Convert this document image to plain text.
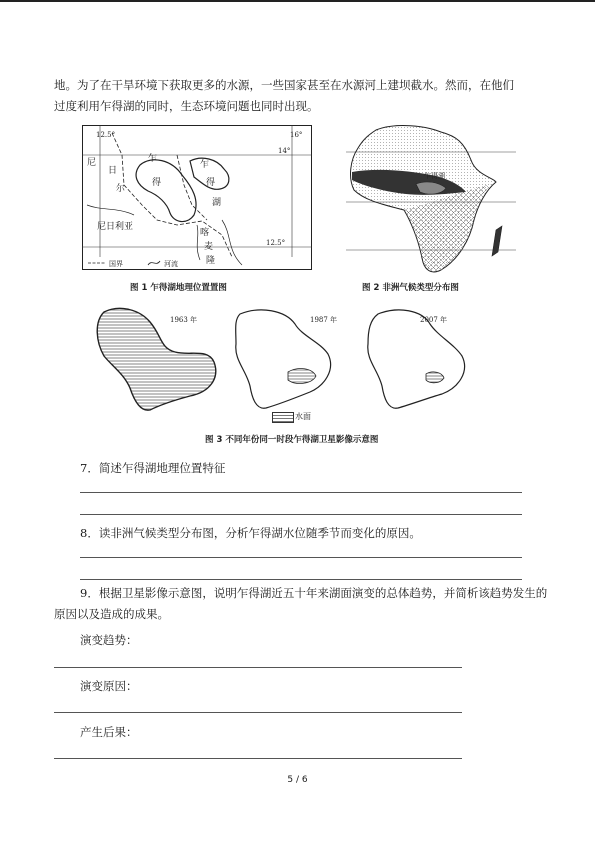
地。为了在干旱环境下获取更多的水源，一些国家甚至在水源河上建坝截水。然而，在他们

过度利用乍得湖的同时，生态环境问题也同时出现。

12.5°	16°
14°
12.5°
尼
日
尔
乍
乍
得
湖
得
尼日利亚
喀
麦
隆
国界	河流
图 1 乍得湖地理位置置图
乍得湖
图 2 非洲气候类型分布图
1963 年	1987 年	2007 年
水面
图 3 不同年份同一时段乍得湖卫星影像示意图

7．简述乍得湖地理位置特征

8．读非洲气候类型分布图，分析乍得湖水位随季节而变化的原因。

9．根据卫星影像示意图，说明乍得湖近五十年来湖面演变的总体趋势，并简析该趋势发生的原因以及造成的成果。

演变趋势：

演变原因：

产生后果：

5 / 6
